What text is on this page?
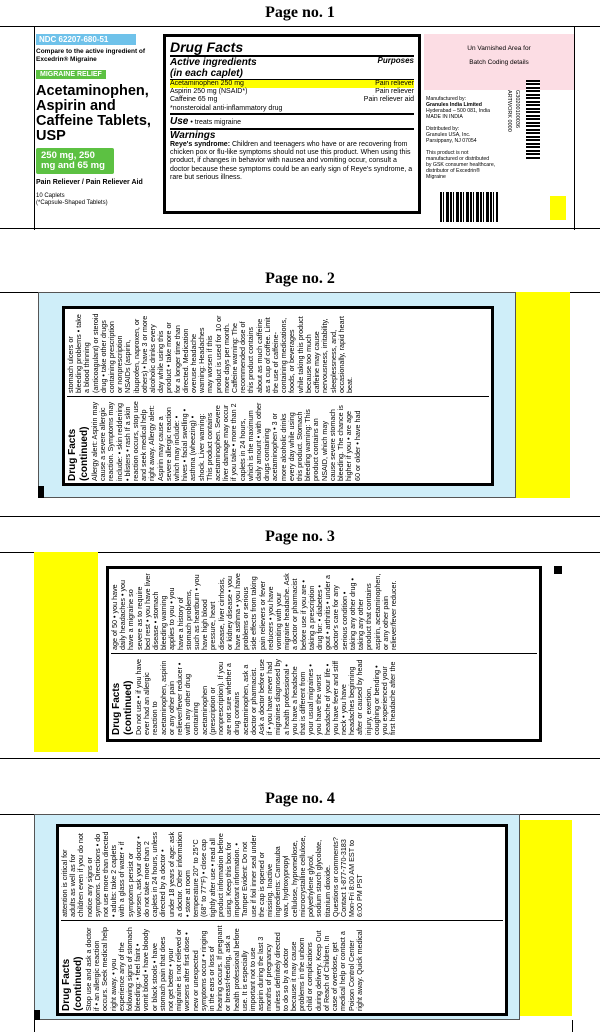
Page no. 1
NDC 62207-680-51
Compare to the active ingredient of Excedrin® Migraine
MIGRAINE RELIEF
Acetaminophen, Aspirin and Caffeine Tablets, USP
250 mg, 250 mg and 65 mg
Pain Reliever / Pain Reliever Aid
10 Caplets
(*Capsule-Shaped Tablets)
Drug Facts
Active ingredients	Purposes
(in each caplet)
Acetaminophen 250 mg	Pain reliever
Aspirin 250 mg (NSAID*)	Pain reliever
Caffeine 65 mg	Pain reliever aid
*nonsteroidal anti-inflammatory drug
Use • treats migraine
Warnings
Reye's syndrome: Children and teenagers who have or are recovering from chicken pox or flu-like symptoms should not use this product. When using this product, if changes in behavior with nausea and vomiting occur, consult a doctor because these symptoms could be an early sign of Reye's syndrome, a rare but serious illness.
Un Varnished Area for
Batch Coding details
Manufactured by:
Granules India Limited
Hyderabad – 500 081, India
MADE IN INDIA
Distributed by:
Granules USA, Inc.
Parsippany, NJ 07054
This product is not manufactured or distributed by GSK consumer healthcare, distributor of Excedrin® Migraine
G30200100036
ARTWORK 0000
Page no. 2

Drug Facts (continued) Allergy alert: Aspirin may cause a severe allergic reaction. Symptoms may include: • skin reddening • blisters • rash If a skin reaction occurs, stop use and seek medical help right away. Allergy alert: Aspirin may cause a severe allergic reaction which may include: • hives • facial swelling • asthma (wheezing) • shock. Liver warning: This product contains acetaminophen. Severe liver damage may occur if you take • more than 2 caplets in 24 hours, which is the maximum daily amount • with other drugs containing acetaminophen • 3 or more alcoholic drinks every day while using this product. Stomach bleeding warning: This product contains an NSAID, which may cause severe stomach bleeding. The chance is higher if you • are age 60 or older • have had stomach ulcers or bleeding problems • take a blood thinning (anticoagulant) or steroid drug • take other drugs containing prescription or nonprescription NSAIDs (aspirin, ibuprofen, naproxen, or others) • have 3 or more alcoholic drinks every day while using this product • take more or for a longer time than directed. Medication overuse headache warning: Headaches may worsen if this product is used for 10 or more days per month. Caffeine warning: The recommended dose of this product contains about as much caffeine as a cup of coffee. Limit the use of caffeine-containing medications, foods, or beverages while taking this product because too much caffeine may cause nervousness, irritability, sleeplessness, and, occasionally, rapid heart beat.

Page no. 3

Drug Facts (continued) Do not use • if you have ever had an allergic reaction to acetaminophen, aspirin or any other pain reliever/fever reducer • with any other drug containing acetaminophen (prescription or nonprescription). If you are not sure whether a drug contains acetaminophen, ask a doctor or pharmacist. Ask a doctor before use if • you have never had migraines diagnosed by a health professional • you have a headache that is different from your usual migraines • you have the worst headache of your life • you have fever and stiff neck • you have headaches beginning after or caused by head injury, exertion, coughing or bending • you experienced your first headache after the age of 50 • you have daily headaches • you have a migraine so severe as to require bed rest • you have liver disease • stomach bleeding warning applies to you • you have a history of stomach problems, such as heartburn • you have high blood pressure, heart disease, liver cirrhosis, or kidney disease • you have asthma • you have problems or serious side effects from taking pain relievers or fever reducers • you have vomiting with your migraine headache. Ask a doctor or pharmacist before use if you are • taking a prescription drug for: • diabetes • gout • arthritis • under a doctor's care for any serious condition • taking any other drug • taking any other product that contains aspirin, acetaminophen, or any other pain reliever/fever reducer.

Page no. 4

Drug Facts (continued) Stop use and ask a doctor if • an allergic reaction occurs. Seek medical help right away. • you experience any of the following signs of stomach bleeding: • feel faint • vomit blood • have bloody or black stools • have stomach pain that does not get better • your migraine is not relieved or worsens after first dose • new or unexpected symptoms occur • ringing in the ears or loss of hearing occurs. If pregnant or breast-feeding, ask a health professional before use. It is especially important not to use aspirin during the last 3 months of pregnancy unless definitely directed to do so by a doctor because it may cause problems in the unborn child or complications during delivery. Keep Out of Reach of Children. In case of overdose, get medical help or contact a Poison Control Center right away. Quick medical attention is critical for adults as well as for children even if you do not notice any signs or symptoms. Directions • do not use more than directed • adults: take 2 caplets with a glass of water • if symptoms persist or worsen, ask your doctor • do not take more than 2 caplets in 24 hours, unless directed by a doctor • under 18 years of age: ask a doctor. Other information • store at room temperature 20° to 25°C (68° to 77°F) • close cap tightly after use • read all product information before using. Keep this box for important information. • Tamper Evident: Do not use if foil inner seal under the cap is opened or missing. Inactive ingredients: Carnauba wax, hydroxypropyl cellulose, hypromellose, microcrystalline cellulose, polyethylene glycol, sodium starch glycolate, titanium dioxide. Questions or comments? Contact 1-877-770-3183 Mon-Fri 8:00 AM EST to 6:00 PM PST
